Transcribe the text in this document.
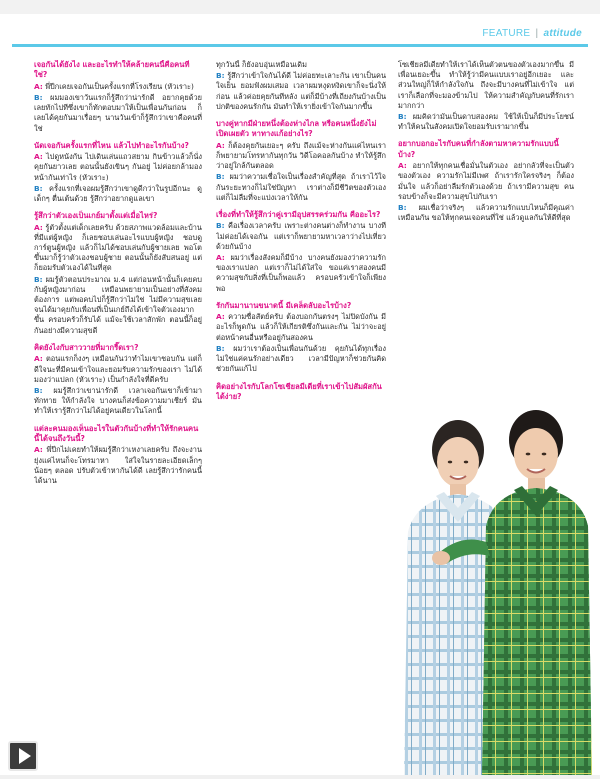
FEATURE | attitude
เจอกันได้ยังไง และอะไรทำให้คล้ายคนนี้คือคนที่ใช่?
A: พี่ปีกเคยเจอกันเป็นครั้งแรกที่โรงเรียน (หัวเราะ)
B: ผมมองเขาวันแรกก็รู้สึกว่าน่ารักดี อยากคุยด้วย เลยทักไปทีซึ่งเขาก็ทักตอบมาให้เป็นเพื่อนกันก่อน ก็เลยได้คุยกันมาเรื่อยๆ นานวันเข้าก็รู้สึกว่าเขาคือคนที่ใช่
นัดเจอกันครั้งแรกที่ไหน แล้วไปทำอะไรกันบ้าง?
A: ไปดูหนังกัน ไปเดินเล่นแถวสยาม กินข้าวแล้วก็นั่งคุยกันยาวเลย ตอนนั้นยังเขินๆ กันอยู่ ไม่ค่อยกล้ามองหน้ากันเท่าไร (หัวเราะ)
B: ครั้งแรกที่เจอผมรู้สึกว่าเขาดูดีกว่าในรูปอีกนะ ดูเด็กๆ ตื่นเต้นด้วย รู้สึกว่าอยากดูแลเขา
รู้สึกว่าตัวเองเป็นเกย์มาตั้งแต่เมื่อไหร่?
A: รู้ตัวตั้งแต่เด็กเลยครับ ด้วยสภาพแวดล้อมและบ้านที่มีแต่ผู้หญิง ก็เลยชอบเล่นอะไรแบบผู้หญิง ชอบดูการ์ตูนผู้หญิง แล้วก็ไม่ได้ชอบเล่นกับผู้ชายเลย พอโตขึ้นมาก็รู้ว่าตัวเองชอบผู้ชาย ตอนนั้นก็ยังสับสนอยู่ แต่ก็ยอมรับตัวเองได้ในที่สุด
B: ผมรู้ตัวตอนประมาณ ม.4 แต่ก่อนหน้านั้นก็เคยคบกับผู้หญิงมาก่อน เหมือนพยายามเป็นอย่างที่สังคมต้องการ แต่พอคบไปก็รู้สึกว่าไม่ใช่ ไม่มีความสุขเลย จนได้มาคุยกับเพื่อนที่เป็นเกย์ถึงได้เข้าใจตัวเองมากขึ้น ครอบครัวก็รับได้ แม้จะใช้เวลาสักพัก ตอนนี้ก็อยู่กันอย่างมีความสุขดี
คิดยังไงกับสาววายที่มากรี๊ดเรา?
A: ตอนแรกก็งงๆ เหมือนกันว่าทำไมเขาชอบกัน แต่ก็ดีใจนะที่มีคนเข้าใจและยอมรับความรักของเรา ไม่ได้มองว่าแปลก (หัวเราะ) เป็นกำลังใจที่ดีครับ
B: ผมรู้สึกว่าเขาน่ารักดี เวลาเจอกันเขาก็เข้ามาทักทาย ให้กำลังใจ บางคนก็ส่งข้อความมาเชียร์ มันทำให้เรารู้สึกว่าไม่ได้อยู่คนเดียวในโลกนี้
แต่ละคนมองเห็นอะไรในตัวกันบ้างที่ทำให้รักคนคนนี้ได้จนถึงวันนี้?
A: พี่ปีกไม่เคยทำให้ผมรู้สึกว่าเหงาเลยครับ ถึงจะงานยุ่งแค่ไหนก็จะโทรมาหา ใส่ใจในรายละเอียดเล็กๆ น้อยๆ ตลอด ปรับตัวเข้าหากันได้ดี เลยรู้สึกว่ารักคนนี้ได้นาน
ทุกวันนี้ ก็ยังอบอุ่นเหมือนเดิม
B: รู้สึกว่าเข้าใจกันได้ดี ไม่ค่อยทะเลาะกัน เขาเป็นคนใจเย็น ยอมฟังผมเสมอ เวลาผมหงุดหงิดเขาก็จะนิ่งให้ก่อน แล้วค่อยคุยกันทีหลัง แต่ก็มีบ้างที่เถียงกันบ้างเป็นปกติของคนรักกัน มันทำให้เรายิ่งเข้าใจกันมากขึ้น
บางคู่หากมีฝ่ายหนึ่งต้องห่างไกล หรือคนหนึ่งยังไม่เปิดเผยตัว หาทางแก้อย่างไร?
A: ก็ต้องคุยกันเยอะๆ ครับ ถึงแม้จะห่างกันแค่ไหนเราก็พยายามโทรหากันทุกวัน วิดีโอคอลกันบ้าง ทำให้รู้สึกว่าอยู่ใกล้กันตลอด
B: ผมว่าความเชื่อใจเป็นเรื่องสำคัญที่สุด ถ้าเราไว้ใจกันระยะทางก็ไม่ใช่ปัญหา เราต่างก็มีชีวิตของตัวเอง แต่ก็ไม่ลืมที่จะแบ่งเวลาให้กัน
เรื่องที่ทำให้รู้สึกว่าคู่เรามีอุปสรรคร่วมกัน คืออะไร?
B: คือเรื่องเวลาครับ เพราะต่างคนต่างก็ทำงาน บางทีไม่ค่อยได้เจอกัน แต่เราก็พยายามหาเวลาว่างไปเที่ยวด้วยกันบ้าง
A: ผมว่าเรื่องสังคมก็มีบ้าง บางคนยังมองว่าความรักของเราแปลก แต่เราก็ไม่ได้ใส่ใจ ขอแค่เราสองคนมีความสุขกับสิ่งที่เป็นก็พอแล้ว ครอบครัวเข้าใจก็เพียงพอ
รักกันมานานขนาดนี้ มีเคล็ดลับอะไรบ้าง?
A: ความซื่อสัตย์ครับ ต้องบอกกันตรงๆ ไม่ปิดบังกัน มีอะไรก็พูดกัน แล้วก็ให้เกียรติซึ่งกันและกัน ไม่ว่าจะอยู่ต่อหน้าคนอื่นหรืออยู่กันสองคน
B: ผมว่าเราต้องเป็นเพื่อนกันด้วย คุยกันได้ทุกเรื่อง ไม่ใช่แค่คนรักอย่างเดียว เวลามีปัญหาก็ช่วยกันคิด ช่วยกันแก้ไป
คิดอย่างไรกับโลกโซเชียลมีเดียที่เราเข้าไปสัมผัสกันได้ง่าย?
โซเชียลมีเดียทำให้เราได้เห็นตัวตนของตัวเองมากขึ้น มีเพื่อนเยอะขึ้น ทำให้รู้ว่ามีคนแบบเราอยู่อีกเยอะ และส่วนใหญ่ก็ให้กำลังใจกัน ถึงจะมีบางคนที่ไม่เข้าใจ แต่เราก็เลือกที่จะมองข้ามไป ให้ความสำคัญกับคนที่รักเรามากกว่า
B: ผมคิดว่ามันเป็นดาบสองคม ใช้ให้เป็นก็มีประโยชน์ ทำให้คนในสังคมเปิดใจยอมรับเรามากขึ้น
อยากบอกอะไรกับคนที่กำลังตามหาความรักแบบนี้บ้าง?
A: อยากให้ทุกคนเชื่อมั่นในตัวเอง อย่ากลัวที่จะเป็นตัวของตัวเอง ความรักไม่มีเพศ ถ้าเรารักใครจริงๆ ก็ต้องมั่นใจ แล้วก็อย่าลืมรักตัวเองด้วย ถ้าเรามีความสุข คนรอบข้างก็จะมีความสุขไปกับเรา
B: ผมเชื่อว่าจริงๆ แล้วความรักแบบไหนก็มีคุณค่าเหมือนกัน ขอให้ทุกคนเจอคนที่ใช่ แล้วดูแลกันให้ดีที่สุด
